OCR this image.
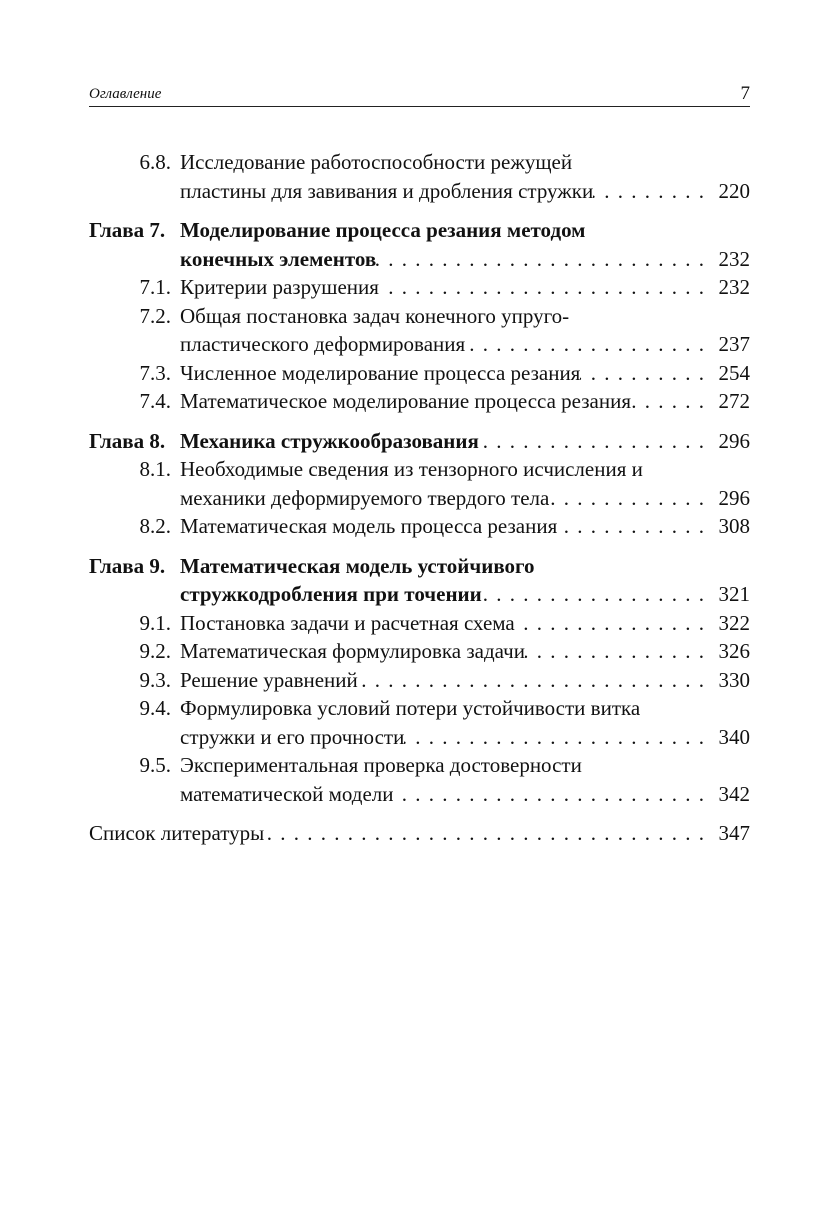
Оглавление	7
6.8. Исследование работоспособности режущей
пластины для завивания и дробления стружки . . .	220
Глава 7. Моделирование процесса резания методом
конечных элементов . . .	232
7.1. Критерии разрушения . . .	232
7.2. Общая постановка задач конечного упруго-
пластического деформирования . . .	237
7.3. Численное моделирование процесса резания . . .	254
7.4. Математическое моделирование процесса резания . . .	272
Глава 8. Механика стружкообразования . . .	296
8.1. Необходимые сведения из тензорного исчисления и
механики деформируемого твердого тела . . .	296
8.2. Математическая модель процесса резания . . .	308
Глава 9. Математическая модель устойчивого
стружкодробления при точении . . .	321
9.1. Постановка задачи и расчетная схема . . .	322
9.2. Математическая формулировка задачи . . .	326
9.3. Решение уравнений . . .	330
9.4. Формулировка условий потери устойчивости витка
стружки и его прочности . . .	340
9.5. Экспериментальная проверка достоверности
математической модели . . .	342
Список литературы . . .	347
